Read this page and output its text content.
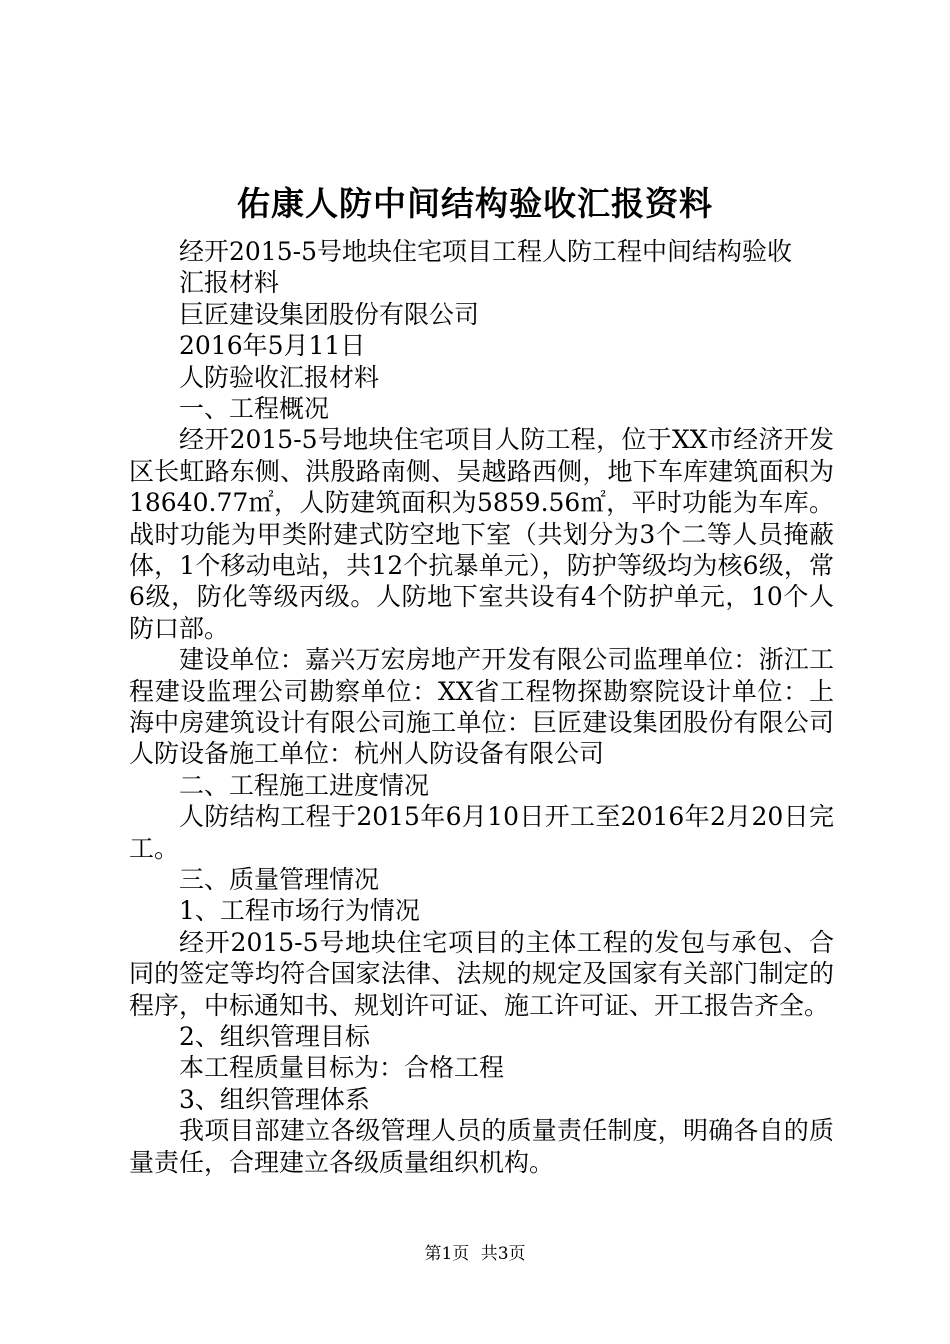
佑康人防中间结构验收汇报资料

经开2015-5号地块住宅项目工程人防工程中间结构验收

汇报材料

巨匠建设集团股份有限公司

2016年5月11日

人防验收汇报材料

一、工程概况

经开2015-5号地块住宅项目人防工程，位于XX市经济开发区长虹路东侧、洪殷路南侧、吴越路西侧，地下车库建筑面积为18640.77㎡，人防建筑面积为5859.56㎡，平时功能为车库。战时功能为甲类附建式防空地下室（共划分为3个二等人员掩蔽体，1个移动电站，共12个抗暴单元），防护等级均为核6级，常6级，防化等级丙级。人防地下室共设有4个防护单元，10个人防口部。

建设单位：嘉兴万宏房地产开发有限公司监理单位：浙江工程建设监理公司勘察单位：XX省工程物探勘察院设计单位：上海中房建筑设计有限公司施工单位：巨匠建设集团股份有限公司人防设备施工单位：杭州人防设备有限公司

二、工程施工进度情况

人防结构工程于2015年6月10日开工至2016年2月20日完工。

三、质量管理情况

1、工程市场行为情况

经开2015-5号地块住宅项目的主体工程的发包与承包、合同的签定等均符合国家法律、法规的规定及国家有关部门制定的程序，中标通知书、规划许可证、施工许可证、开工报告齐全。

2、组织管理目标

本工程质量目标为：合格工程

3、组织管理体系

我项目部建立各级管理人员的质量责任制度，明确各自的质量责任，合理建立各级质量组织机构。

第1页 共3页
